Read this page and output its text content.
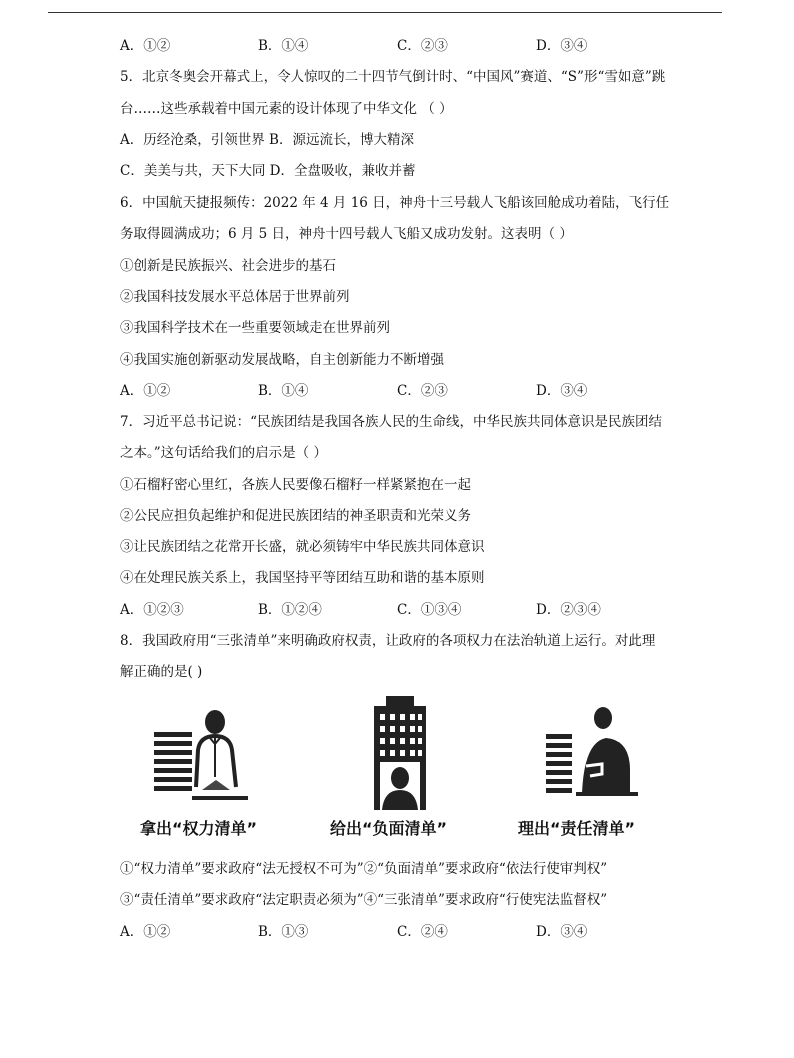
A．①②	B．①④	C．②③	D．③④
5．北京冬奥会开幕式上，令人惊叹的二十四节气倒计时、“中国风”赛道、“S”形“雪如意”跳
台……这些承载着中国元素的设计体现了中华文化 （ ）
A．历经沧桑，引领世界 B．源远流长，博大精深
C．美美与共，天下大同 D．全盘吸收，兼收并蓄
6．中国航天捷报频传：2022 年 4 月 16 日，神舟十三号载人飞船该回舱成功着陆，飞行任
务取得圆满成功；6 月 5 日，神舟十四号载人飞船又成功发射。这表明（ ）
①创新是民族振兴、社会进步的基石
②我国科技发展水平总体居于世界前列
③我国科学技术在一些重要领域走在世界前列
④我国实施创新驱动发展战略，自主创新能力不断增强
A．①②	B．①④	C．②③	D．③④
7．习近平总书记说：“民族团结是我国各族人民的生命线，中华民族共同体意识是民族团结
之本。”这句话给我们的启示是（ ）
①石榴籽密心里红，各族人民要像石榴籽一样紧紧抱在一起
②公民应担负起维护和促进民族团结的神圣职责和光荣义务
③让民族团结之花常开长盛，就必须铸牢中华民族共同体意识
④在处理民族关系上，我国坚持平等团结互助和谐的基本原则
A．①②③	B．①②④	C．①③④	D．②③④
8．我国政府用“三张清单”来明确政府权责，让政府的各项权力在法治轨道上运行。对此理
解正确的是( )
拿出“权力清单”	给出“负面清单”	理出“责任清单”
①“权力清单”要求政府“法无授权不可为”②“负面清单”要求政府“依法行使审判权”
③“责任清单”要求政府“法定职责必须为”④“三张清单”要求政府“行使宪法监督权”
A．①②	B．①③	C．②④	D．③④
